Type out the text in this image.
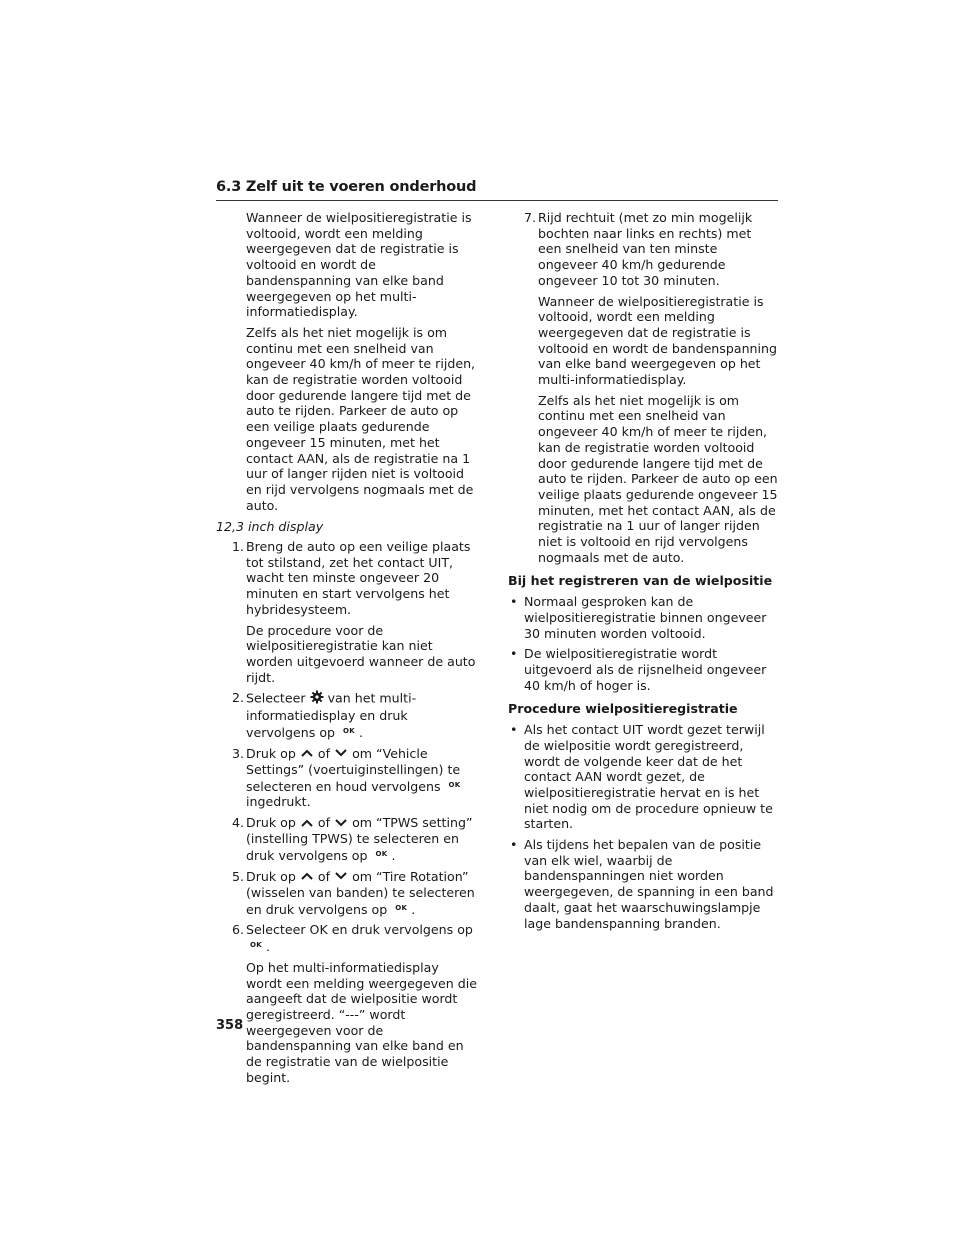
6.3 Zelf uit te voeren onderhoud

Wanneer de wielpositieregistratie is voltooid, wordt een melding weergegeven dat de registratie is voltooid en wordt de bandenspanning van elke band weergegeven op het multi-informatiedisplay.

Zelfs als het niet mogelijk is om continu met een snelheid van ongeveer 40 km/h of meer te rijden, kan de registratie worden voltooid door gedurende langere tijd met de auto te rijden. Parkeer de auto op een veilige plaats gedurende ongeveer 15 minuten, met het contact AAN, als de registratie na 1 uur of langer rijden niet is voltooid en rijd vervolgens nogmaals met de auto.

12,3 inch display
1. Breng de auto op een veilige plaats tot stilstand, zet het contact UIT, wacht ten minste ongeveer 20 minuten en start vervolgens het hybridesysteem.

De procedure voor de wielpositieregistratie kan niet worden uitgevoerd wanneer de auto rijdt.

2. Selecteer van het multi-informatiedisplay en druk vervolgens op $^{OK}$ .

3. Druk op of om “Vehicle Settings” (voertuiginstellingen) te selecteren en houd vervolgens $^{OK}$ ingedrukt.

4. Druk op of om “TPWS setting” (instelling TPWS) te selecteren en druk vervolgens op $^{OK}$ .

5. Druk op of om “Tire Rotation” (wisselen van banden) te selecteren en druk vervolgens op $^{OK}$ .

6. Selecteer OK en druk vervolgens op $^{OK}$ .

Op het multi-informatiedisplay wordt een melding weergegeven die aangeeft dat de wielpositie wordt geregistreerd. “---” wordt weergegeven voor de bandenspanning van elke band en de registratie van de wielpositie begint.

7. Rijd rechtuit (met zo min mogelijk bochten naar links en rechts) met een snelheid van ten minste ongeveer 40 km/h gedurende ongeveer 10 tot 30 minuten.

Wanneer de wielpositieregistratie is voltooid, wordt een melding weergegeven dat de registratie is voltooid en wordt de bandenspanning van elke band weergegeven op het multi-informatiedisplay.

Zelfs als het niet mogelijk is om continu met een snelheid van ongeveer 40 km/h of meer te rijden, kan de registratie worden voltooid door gedurende langere tijd met de auto te rijden. Parkeer de auto op een veilige plaats gedurende ongeveer 15 minuten, met het contact AAN, als de registratie na 1 uur of langer rijden niet is voltooid en rijd vervolgens nogmaals met de auto.

Bij het registreren van de wielpositie
• Normaal gesproken kan de wielpositieregistratie binnen ongeveer 30 minuten worden voltooid.
• De wielpositieregistratie wordt uitgevoerd als de rijsnelheid ongeveer 40 km/h of hoger is.
Procedure wielpositieregistratie
• Als het contact UIT wordt gezet terwijl de wielpositie wordt geregistreerd, wordt de volgende keer dat de het contact AAN wordt gezet, de wielpositieregistratie hervat en is het niet nodig om de procedure opnieuw te starten.
• Als tijdens het bepalen van de positie van elk wiel, waarbij de bandenspanningen niet worden weergegeven, de spanning in een band daalt, gaat het waarschuwingslampje lage bandenspanning branden.
358
